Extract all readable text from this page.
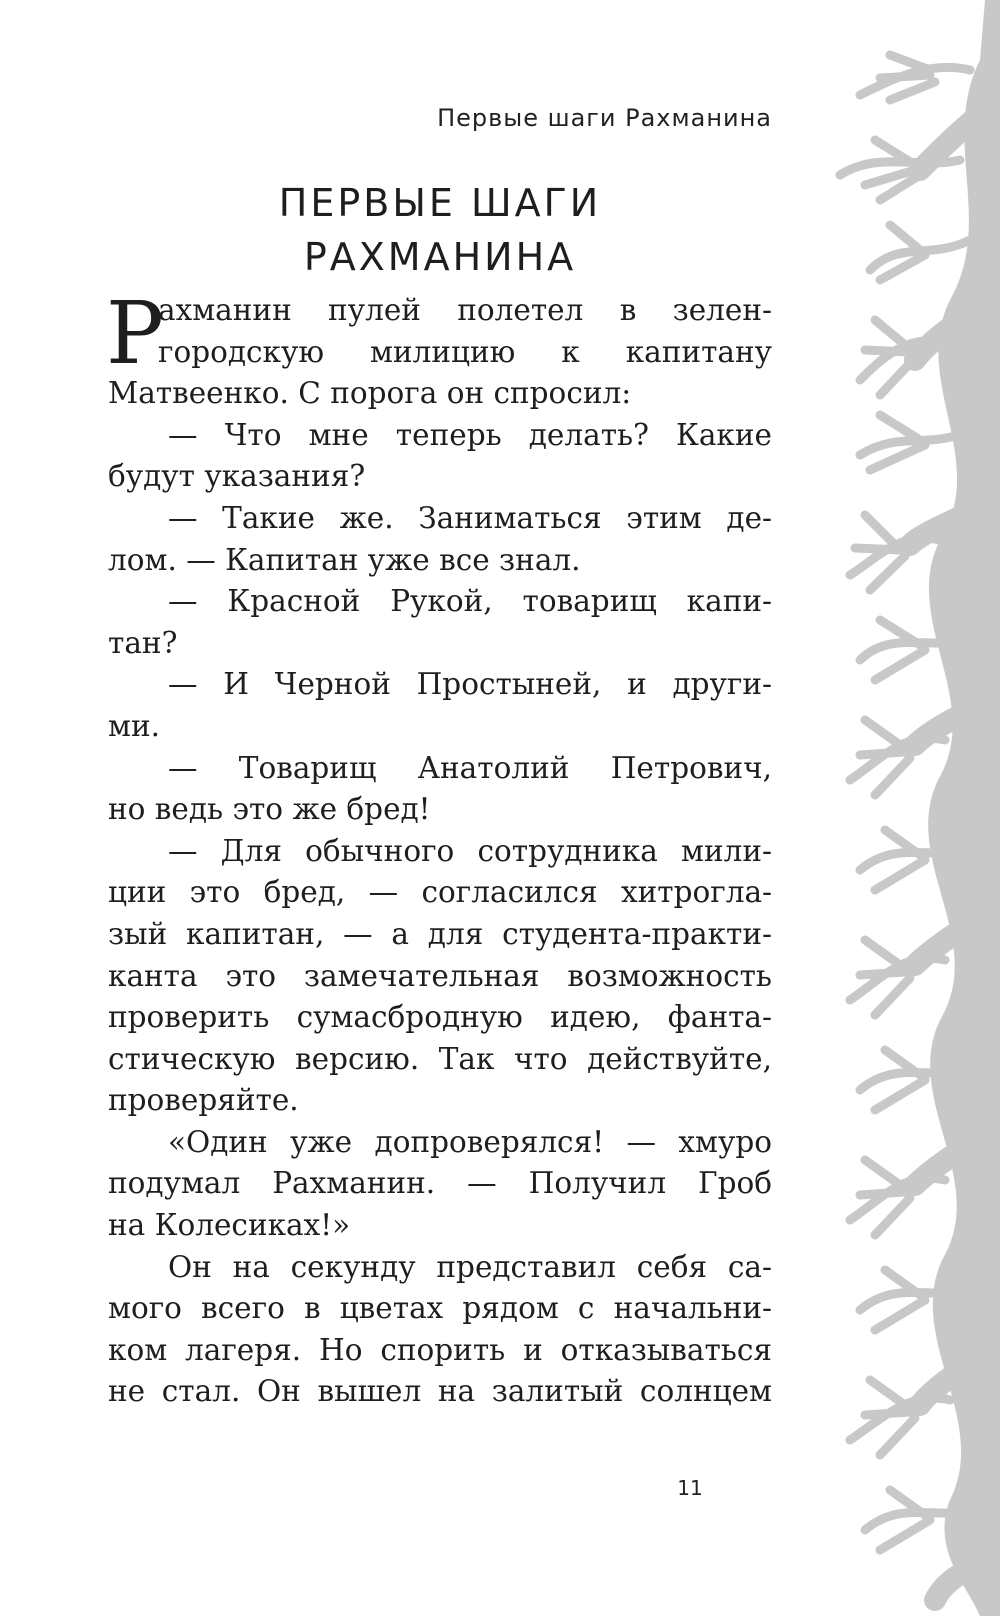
Первые шаги Рахманина
ПЕРВЫЕ ШАГИ
РАХМАНИНА
Р
ахманин пулей полетел в зелен-
городскую милицию к капитану
Матвеенко. С порога он спросил:
— Что мне теперь делать? Какие
будут указания?
— Такие же. Заниматься этим де-
лом. — Капитан уже все знал.
— Красной Рукой, товарищ капи-
тан?
— И Черной Простыней, и други-
ми.
— Товарищ Анатолий Петрович,
но ведь это же бред!
— Для обычного сотрудника мили-
ции это бред, — согласился хитрогла-
зый капитан, — а для студента-практи-
канта это замечательная возможность
проверить сумасбродную идею, фанта-
стическую версию. Так что действуйте,
проверяйте.
«Один уже допроверялся! — хмуро
подумал Рахманин. — Получил Гроб
на Колесиках!»
Он на секунду представил себя са-
мого всего в цветах рядом с начальни-
ком лагеря. Но спорить и отказываться
не стал. Он вышел на залитый солнцем
11
